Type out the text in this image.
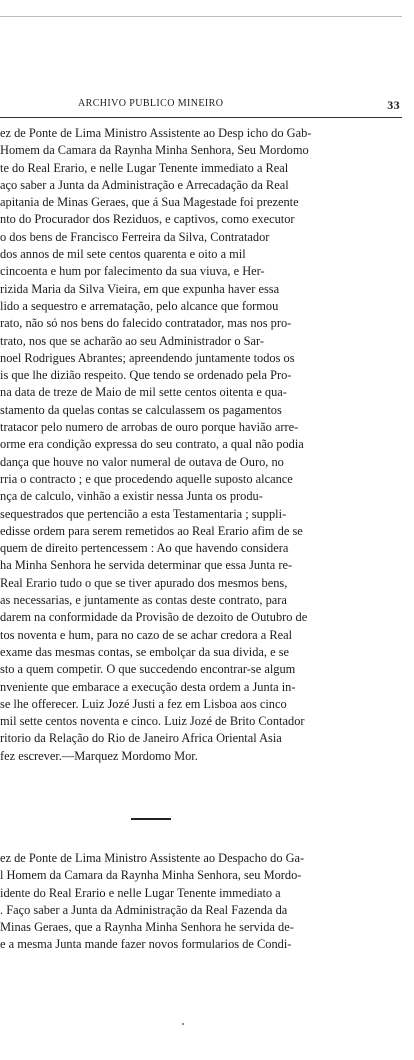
ARCHIVO PUBLICO MINEIRO	33
ez de Ponte de Lima Ministro Assistente ao Desp icho do Gab-
Homem da Camara da Raynha Minha Senhora, Seu Mordomo
te do Real Erario, e nelle Lugar Tenente immediato a Real
aço saber a Junta da Administração e Arrecadação da Real
apitania de Minas Geraes, que á Sua Magestade foi prezente
nto do Procurador dos Reziduos, e captivos, como executor
o dos bens de Francisco Ferreira da Silva, Contratador
dos annos de mil sete centos quarenta e oito a mil
cincoenta e hum por falecimento da sua viuva, e Her-
rizida Maria da Silva Vieira, em que expunha haver essa
lido a sequestro e arrematação, pelo alcance que formou
rato, não só nos bens do falecido contratador, mas nos pro-
trato, nos que se acharão ao seu Administrador o Sar-
noel Rodrigues Abrantes; apreendendo juntamente todos os
is que lhe dizião respeito. Que tendo se ordenado pela Pro-
na data de treze de Maio de mil sette centos oitenta e qua-
stamento da quelas contas se calculassem os pagamentos
tratacor pelo numero de arrobas de ouro porque havião arre-
orme era condição expressa do seu contrato, a qual não podia
dança que houve no valor numeral de outava de Ouro, no
rria o contracto ; e que procedendo aquelle suposto alcance
nça de calculo, vinhão a existir nessa Junta os produ-
sequestrados que pertencião a esta Testamentaria ; suppli-
edisse ordem para serem remetidos ao Real Erario afim de se
quem de direito pertencessem : Ao que havendo considera
ha Minha Senhora he servida determinar que essa Junta re-
Real Erario tudo o que se tiver apurado dos mesmos bens,
as necessarias, e juntamente as contas deste contrato, para
darem na conformidade da Provisão de dezoito de Outubro de
tos noventa e hum, para no cazo de se achar credora a Real
exame das mesmas contas, se embolçar da sua divida, e se
sto a quem competir. O que succedendo encontrar-se algum
nveniente que embarace a execução desta ordem a Junta in-
se lhe offerecer. Luiz Jozé Justi a fez em Lisboa aos cinco
mil sette centos noventa e cinco. Luiz Jozé de Brito Contador
ritorio da Relação do Rio de Janeiro Africa Oriental Asia
fez escrever.—Marquez Mordomo Mor.
ez de Ponte de Lima Ministro Assistente ao Despacho do Ga-
l Homem da Camara da Raynha Minha Senhora, seu Mordo-
idente do Real Erario e nelle Lugar Tenente immediato a
. Faço saber a Junta da Administração da Real Fazenda da
Minas Geraes, que a Raynha Minha Senhora he servida de-
e a mesma Junta mande fazer novos formularios de Condi-
